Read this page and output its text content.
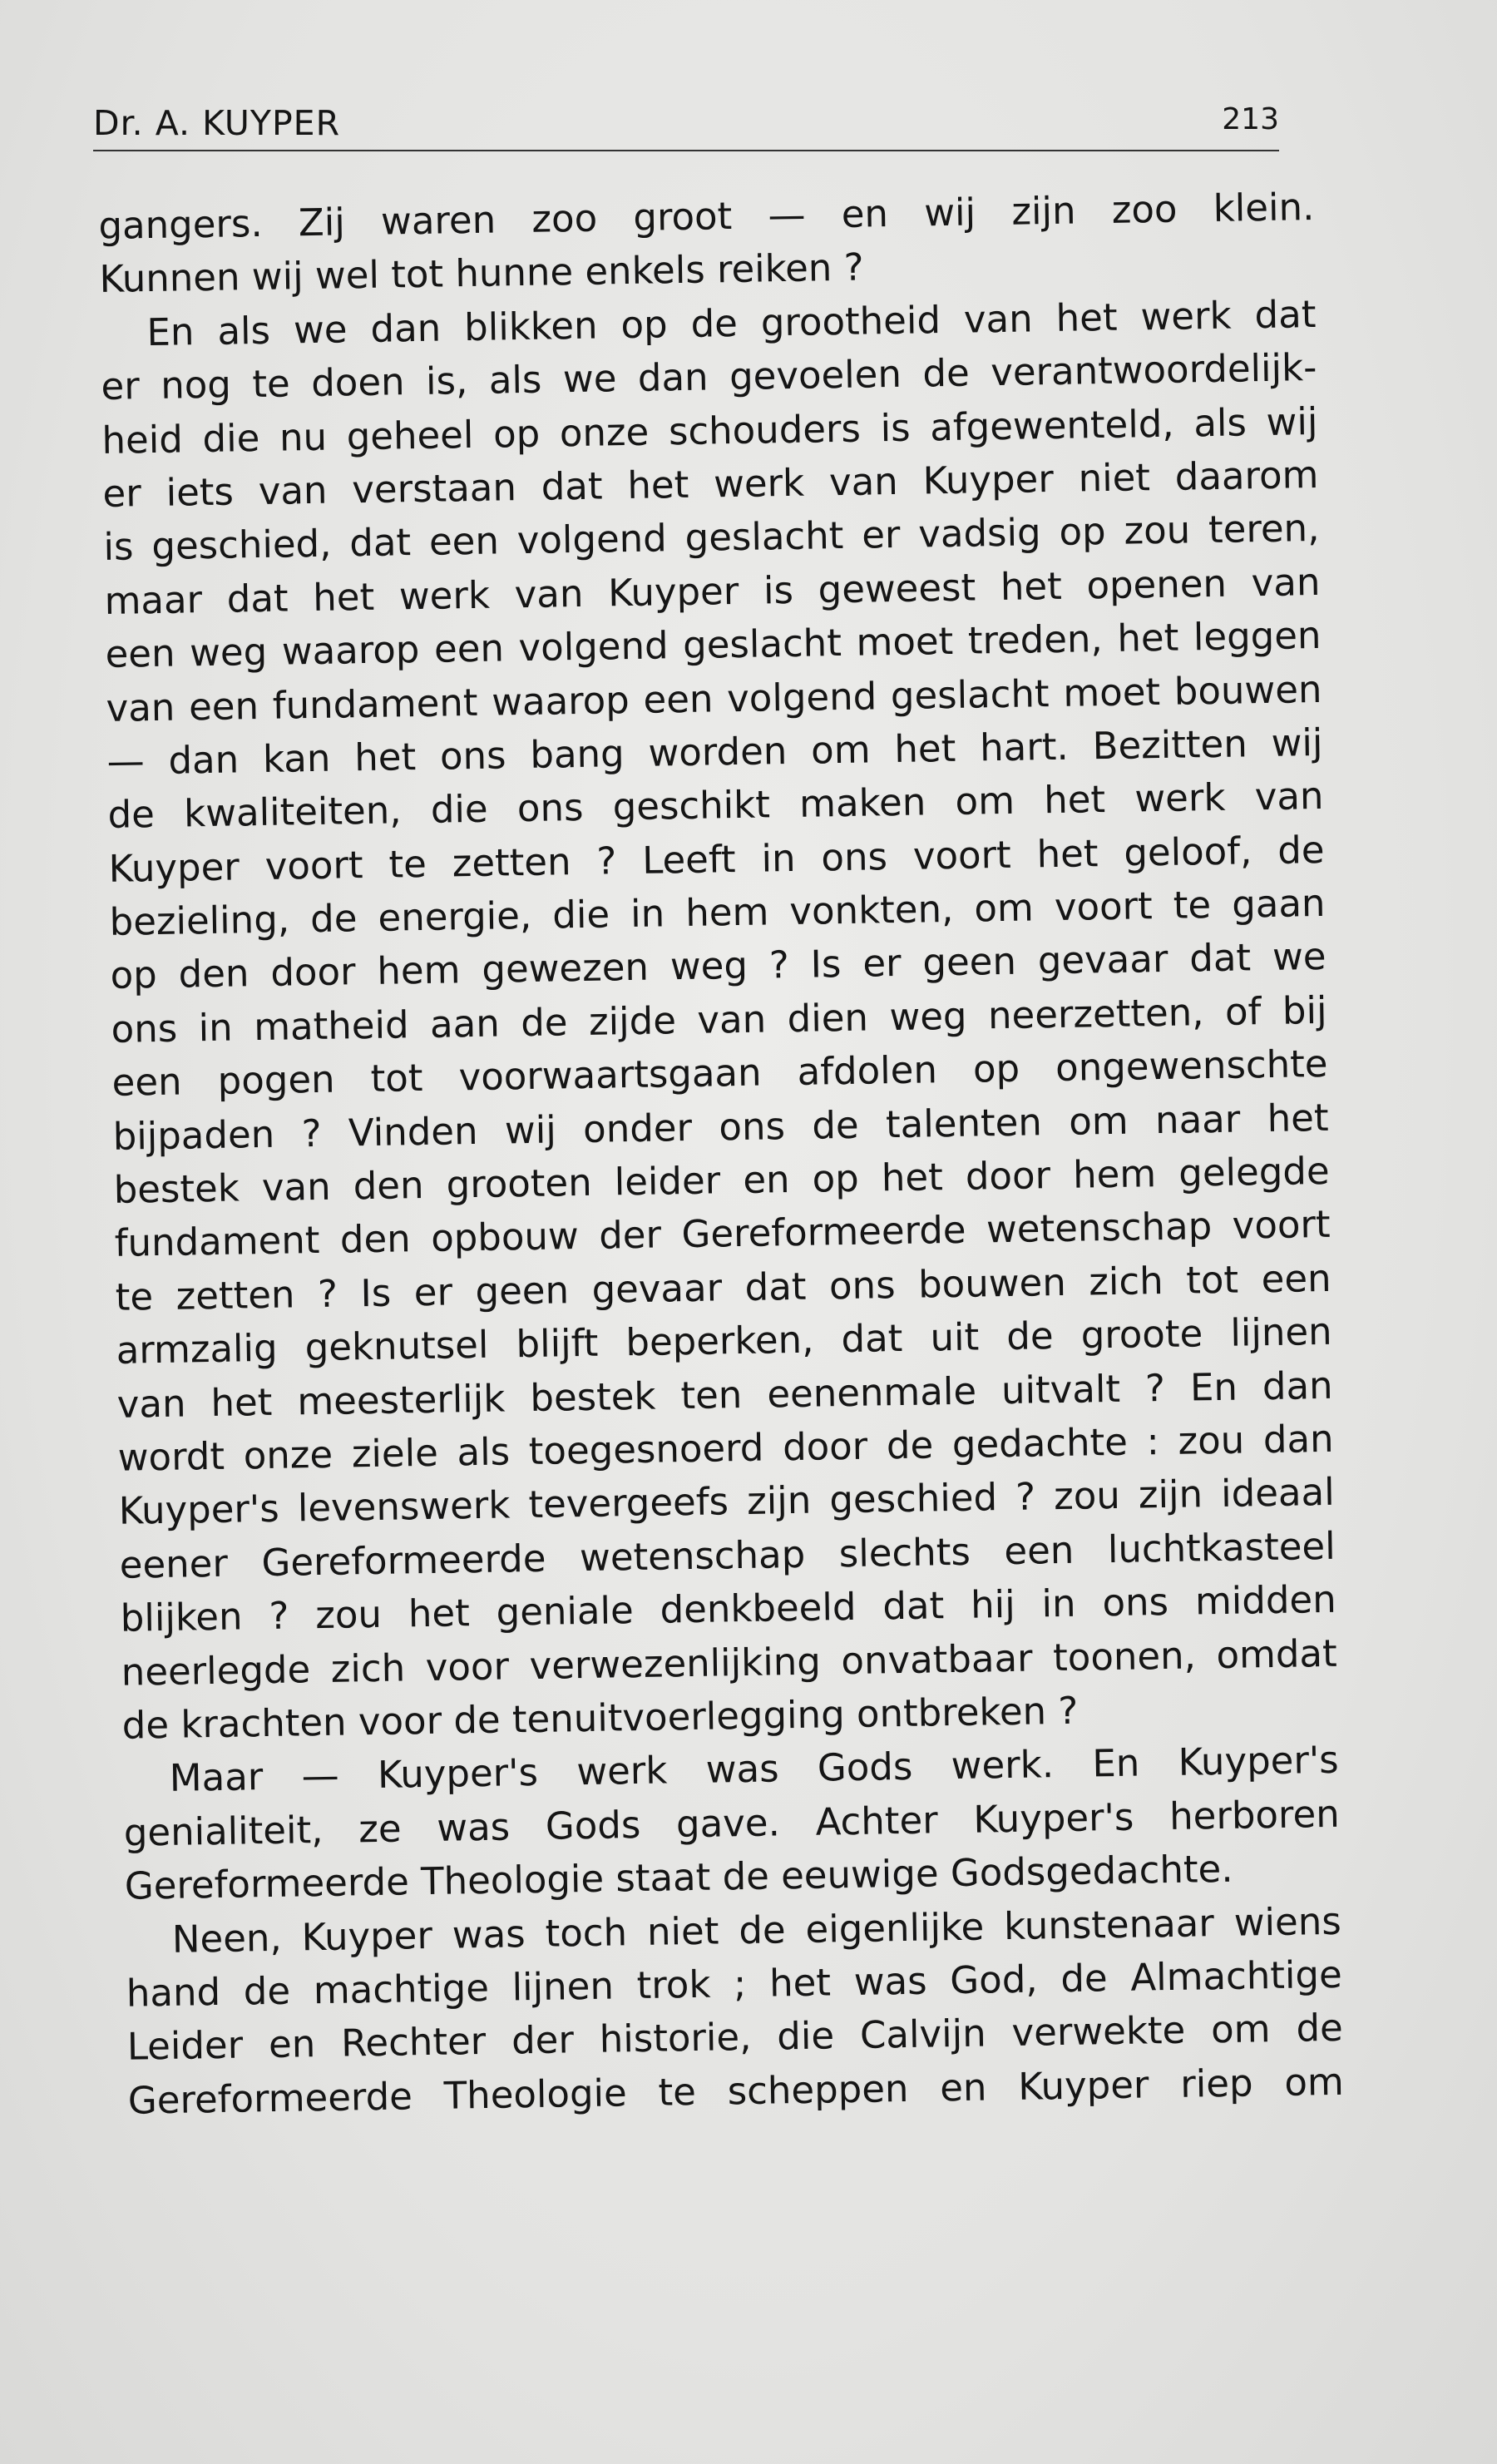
Dr. A. KUYPER	213
gangers. Zij waren zoo groot — en wij zijn zoo klein.
Kunnen wij wel tot hunne enkels reiken ?
En als we dan blikken op de grootheid van het werk dat
er nog te doen is, als we dan gevoelen de verantwoordelijk-
heid die nu geheel op onze schouders is afgewenteld, als wij
er iets van verstaan dat het werk van Kuyper niet daarom
is geschied, dat een volgend geslacht er vadsig op zou teren,
maar dat het werk van Kuyper is geweest het openen van
een weg waarop een volgend geslacht moet treden, het leggen
van een fundament waarop een volgend geslacht moet bouwen
— dan kan het ons bang worden om het hart. Bezitten wij
de kwaliteiten, die ons geschikt maken om het werk van
Kuyper voort te zetten ? Leeft in ons voort het geloof, de
bezieling, de energie, die in hem vonkten, om voort te gaan
op den door hem gewezen weg ? Is er geen gevaar dat we
ons in matheid aan de zijde van dien weg neerzetten, of bij
een pogen tot voorwaartsgaan afdolen op ongewenschte
bijpaden ? Vinden wij onder ons de talenten om naar het
bestek van den grooten leider en op het door hem gelegde
fundament den opbouw der Gereformeerde wetenschap voort
te zetten ? Is er geen gevaar dat ons bouwen zich tot een
armzalig geknutsel blijft beperken, dat uit de groote lijnen
van het meesterlijk bestek ten eenenmale uitvalt ? En dan
wordt onze ziele als toegesnoerd door de gedachte : zou dan
Kuyper's levenswerk tevergeefs zijn geschied ? zou zijn ideaal
eener Gereformeerde wetenschap slechts een luchtkasteel
blijken ? zou het geniale denkbeeld dat hij in ons midden
neerlegde zich voor verwezenlijking onvatbaar toonen, omdat
de krachten voor de tenuitvoerlegging ontbreken ?
Maar — Kuyper's werk was Gods werk. En Kuyper's
genialiteit, ze was Gods gave. Achter Kuyper's herboren
Gereformeerde Theologie staat de eeuwige Godsgedachte.
Neen, Kuyper was toch niet de eigenlijke kunstenaar wiens
hand de machtige lijnen trok ; het was God, de Almachtige
Leider en Rechter der historie, die Calvijn verwekte om de
Gereformeerde Theologie te scheppen en Kuyper riep om
